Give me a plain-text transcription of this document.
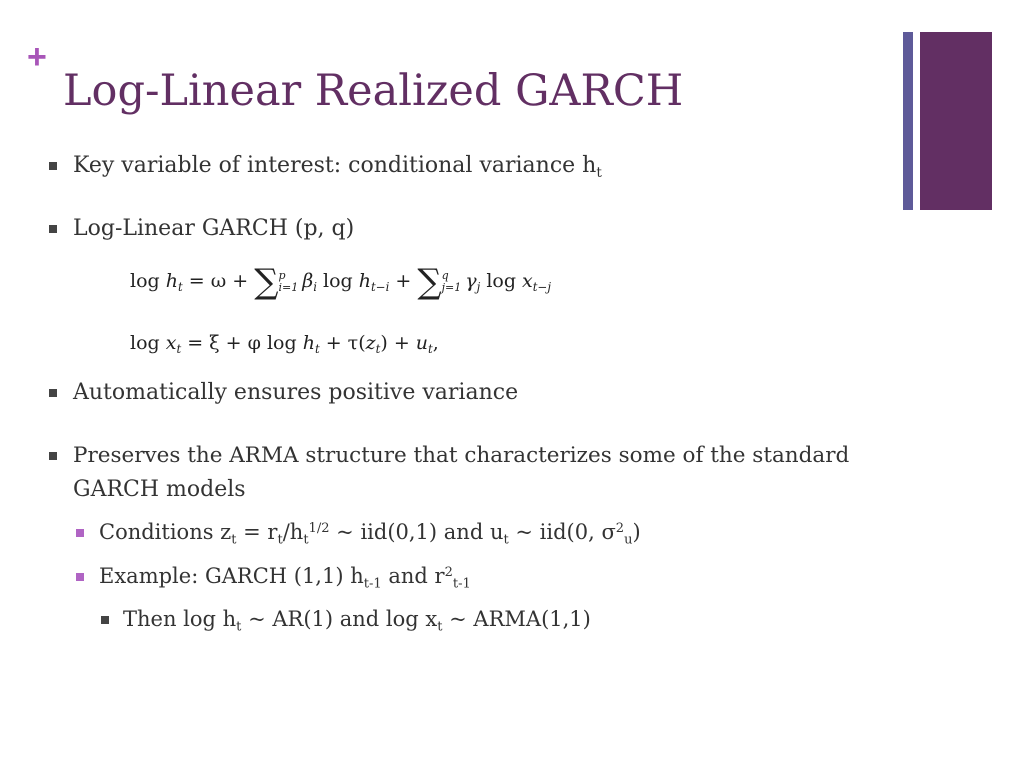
+
Log-Linear Realized GARCH
Key variable of interest: conditional variance $h_t$
Log-Linear GARCH (p, q)
$\log h_t = \omega$ + ∑ p
i=1 $\beta_i$ $\log h_{t-i}$ + ∑ q
j=1 $\gamma_j$ $\log x_{t-j}$
$\log x_t = \xi + \varphi$ $\log h_t + \tau(z_t) + u_t$,
Automatically ensures positive variance
Preserves the ARMA structure that characterizes some of the standard
GARCH models
Conditions $z_t = r_t/h_t^{1/2}$ ~ iid(0,1) and $u_t$ ~ iid(0, $\sigma^2_u$)
Example: GARCH (1,1) $h_{t-1}$ and $r^2_{t-1}$
Then $\log h_t$ ~ AR(1) and $\log x_t$ ~ ARMA(1,1)
